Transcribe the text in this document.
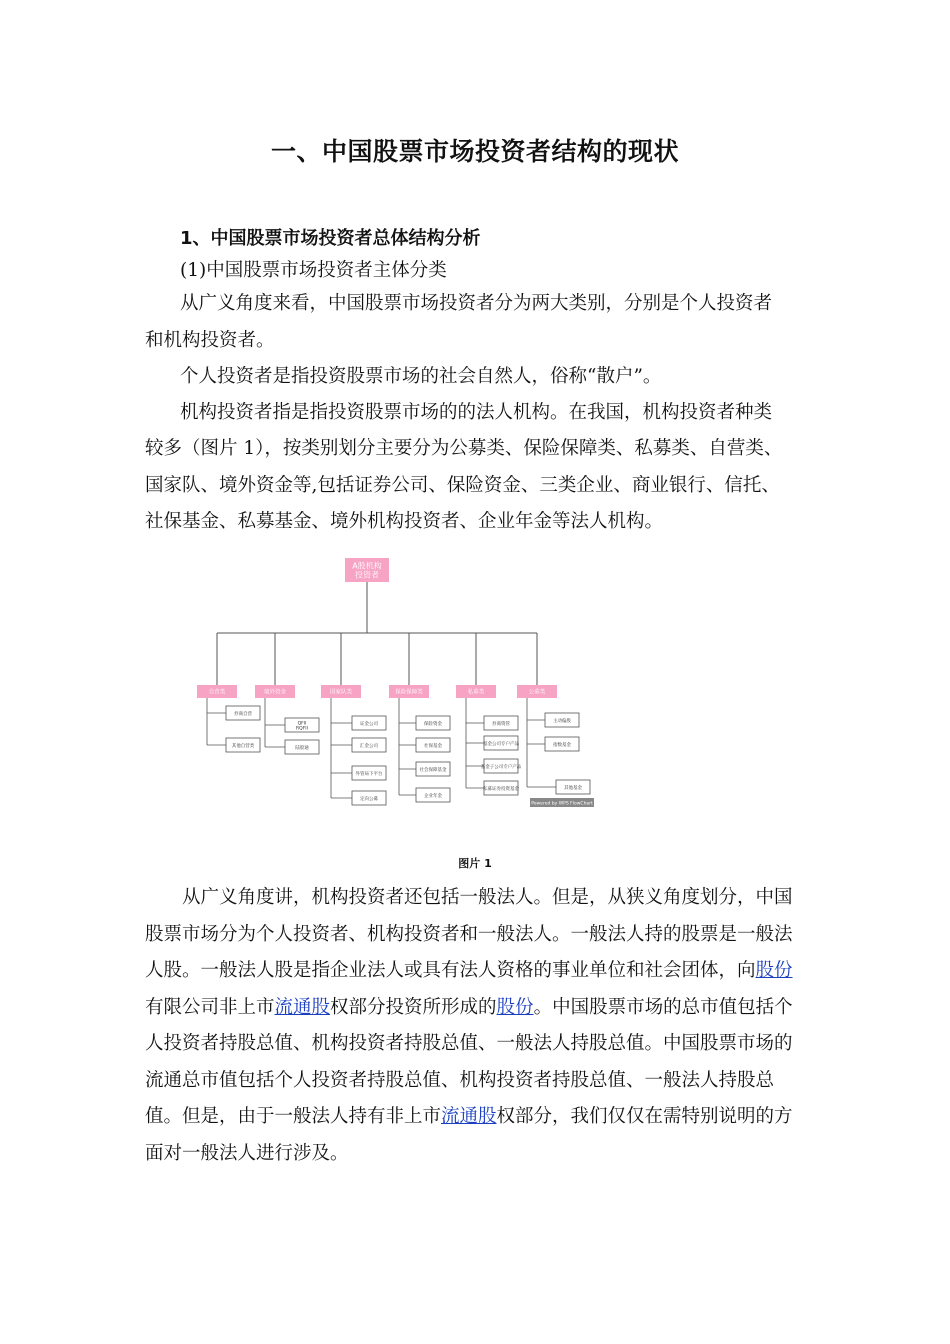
一、中国股票市场投资者结构的现状
1、中国股票市场投资者总体结构分析
(1)中国股票市场投资者主体分类
从广义角度来看，中国股票市场投资者分为两大类别，分别是个人投资者
和机构投资者。
个人投资者是指投资股票市场的社会自然人，俗称“散户”。
机构投资者指是指投资股票市场的的法人机构。在我国，机构投资者种类
较多（图片 1），按类别划分主要分为公募类、保险保障类、私募类、自营类、
国家队、境外资金等,包括证券公司、保险资金、三类企业、商业银行、信托、
社保基金、私募基金、境外机构投资者、企业年金等法人机构。
A股机构投资者
自营类
券商自营
其他自营类
境外资金
QFII RQFII
陆股通
国家队类
证金公司
汇金公司
外管局下平台
定向公募
保险保障类
保险资金
社保基金
社会保障基金
企业年金
私募类
券商资管
基金公司专户产品
基金子公司专户产品
私募证券投资基金
公募类
主动偏股
指数基金
其他基金
Powered by WPS FlowChart
图片 1
从广义角度讲，机构投资者还包括一般法人。但是，从狭义角度划分，中国股票市场分为个人投资者、机构投资者和一般法人。一般法人持的股票是一般法人股。一般法人股是指企业法人或具有法人资格的事业单位和社会团体，向股份有限公司非上市流通股权部分投资所形成的股份。中国股票市场的总市值包括个人投资者持股总值、机构投资者持股总值、一般法人持股总值。中国股票市场的流通总市值包括个人投资者持股总值、机构投资者持股总值、一般法人持股总值。但是，由于一般法人持有非上市流通股权部分，我们仅仅在需特别说明的方面对一般法人进行涉及。
